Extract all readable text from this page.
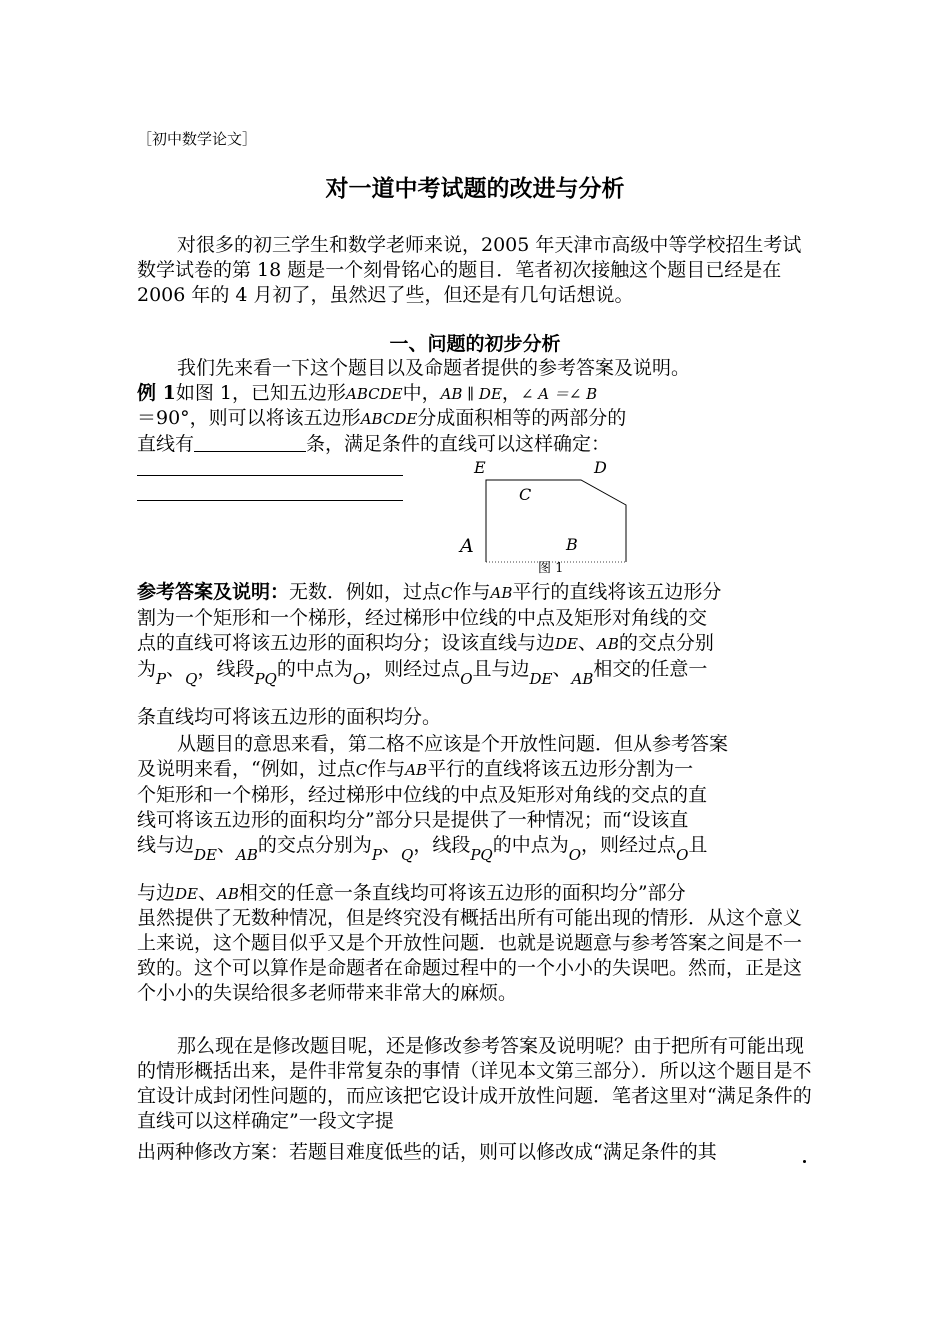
［初中数学论文］
对一道中考试题的改进与分析
对很多的初三学生和数学老师来说，2005 年天津市高级中等学校招生考试数学试卷的第 18 题是一个刻骨铭心的题目．笔者初次接触这个题目已经是在 2006 年的 4 月初了，虽然迟了些，但还是有几句话想说。
一、问题的初步分析
我们先来看一下这个题目以及命题者提供的参考答案及说明。
例 1如图 1，已知五边形ABCDE中，AB ∥ DE，∠ A ＝∠ B
＝90°，则可以将该五边形ABCDE分成面积相等的两部分的
直线有	条，满足条件的直线可以这样确定：
E	D
C
A	B
图 1
参考答案及说明：无数．例如，过点C作与AB平行的直线将该五边形分
割为一个矩形和一个梯形，经过梯形中位线的中点及矩形对角线的交
点的直线可将该五边形的面积均分；设该直线与边DE、AB的交点分别
为$_P$、$_Q$，线段$_{PQ}$的中点为$_O$，则经过点$_O$且与边$_{DE}$、$_{AB}$相交的任意一
条直线均可将该五边形的面积均分。
从题目的意思来看，第二格不应该是个开放性问题．但从参考答案
及说明来看，“例如，过点C作与AB平行的直线将该五边形分割为一
个矩形和一个梯形，经过梯形中位线的中点及矩形对角线的交点的直
线可将该五边形的面积均分”部分只是提供了一种情况；而“设该直
线与边$_{DE}$、$_{AB}$的交点分别为$_P$、$_Q$，线段$_{PQ}$的中点为$_O$，则经过点$_O$且
与边DE、AB相交的任意一条直线均可将该五边形的面积均分”部分
虽然提供了无数种情况，但是终究没有概括出所有可能出现的情形．从这个意义上来说，这个题目似乎又是个开放性问题．也就是说题意与参考答案之间是不一致的。这个可以算作是命题者在命题过程中的一个小小的失误吧。然而，正是这个小小的失误给很多老师带来非常大的麻烦。
那么现在是修改题目呢，还是修改参考答案及说明呢？由于把所有可能出现的情形概括出来，是件非常复杂的事情（详见本文第三部分）．所以这个题目是不宜设计成封闭性问题的，而应该把它设计成开放性问题．笔者这里对“满足条件的直线可以这样确定”一段文字提
出两种修改方案：若题目难度低些的话，则可以修改成“满足条件的其
